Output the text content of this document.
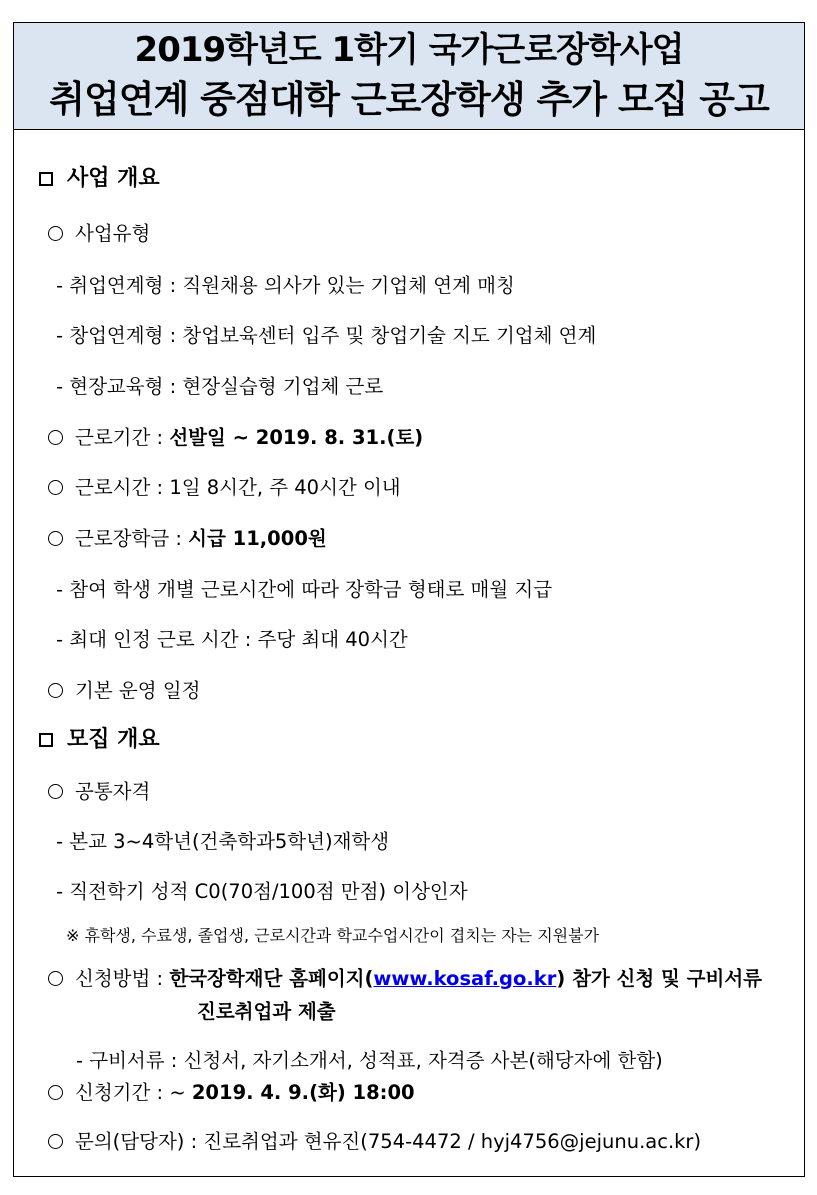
2019학년도 1학기 국가근로장학사업
취업연계 중점대학 근로장학생 추가 모집 공고
사업 개요
사업유형
- 취업연계형 : 직원채용 의사가 있는 기업체 연계 매칭
- 창업연계형 : 창업보육센터 입주 및 창업기술 지도 기업체 연계
- 현장교육형 : 현장실습형 기업체 근로
근로기간 : 선발일 ~ 2019. 8. 31.(토)
근로시간 : 1일 8시간, 주 40시간 이내
근로장학금 : 시급 11,000원
- 참여 학생 개별 근로시간에 따라 장학금 형태로 매월 지급
- 최대 인정 근로 시간 : 주당 최대 40시간
기본 운영 일정
모집 개요
공통자격
- 본교 3~4학년(건축학과5학년)재학생
- 직전학기 성적 C0(70점/100점 만점) 이상인자
※ 휴학생, 수료생, 졸업생, 근로시간과 학교수업시간이 겹치는 자는 지원불가
신청방법 : 한국장학재단 홈페이지(www.kosaf.go.kr) 참가 신청 및 구비서류
진로취업과 제출
- 구비서류 : 신청서, 자기소개서, 성적표, 자격증 사본(해당자에 한함)
신청기간 : ~ 2019. 4. 9.(화) 18:00
문의(담당자) : 진로취업과 현유진(754-4472 / hyj4756@jejunu.ac.kr)
